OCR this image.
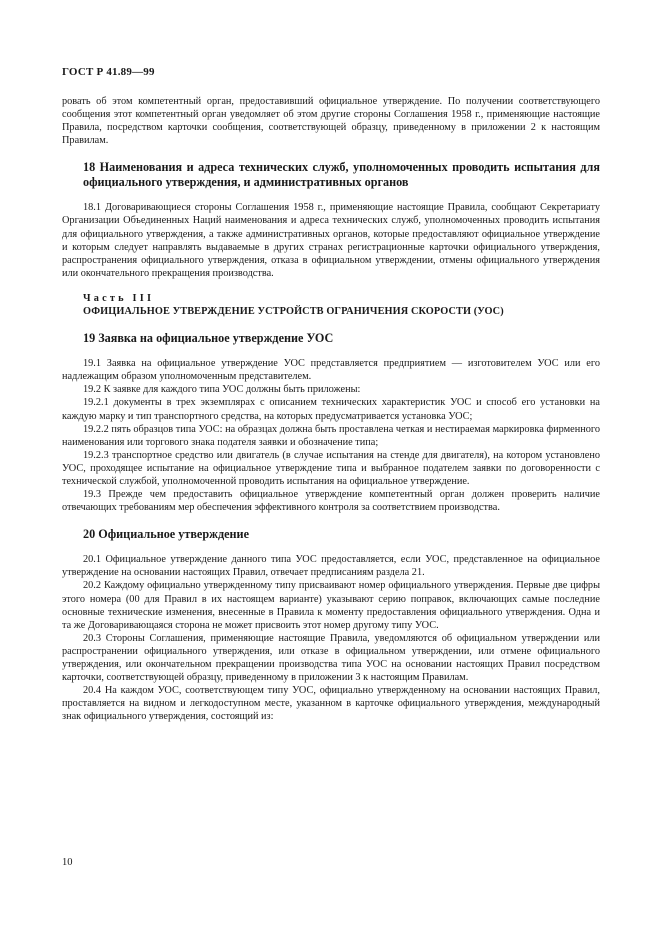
ГОСТ Р 41.89—99

ровать об этом компетентный орган, предоставивший официальное утверждение. По получении соответствующего сообщения этот компетентный орган уведомляет об этом другие стороны Соглашения 1958 г., применяющие настоящие Правила, посредством карточки сообщения, соответствующей образцу, приведенному в приложении 2 к настоящим Правилам.

18 Наименования и адреса технических служб, уполномоченных проводить испытания для официального утверждения, и административных органов

18.1 Договаривающиеся стороны Соглашения 1958 г., применяющие настоящие Правила, сообщают Секретариату Организации Объединенных Наций наименования и адреса технических служб, уполномоченных проводить испытания для официального утверждения, а также административных органов, которые предоставляют официальное утверждение и которым следует направлять выдаваемые в других странах регистрационные карточки официального утверждения, распространения официального утверждения, отказа в официальном утверждении, отмены официального утверждения или окончательного прекращения производства.

Часть III
ОФИЦИАЛЬНОЕ УТВЕРЖДЕНИЕ УСТРОЙСТВ ОГРАНИЧЕНИЯ СКОРОСТИ (УОС)
19 Заявка на официальное утверждение УОС

19.1 Заявка на официальное утверждение УОС представляется предприятием — изготовителем УОС или его надлежащим образом уполномоченным представителем.

19.2 К заявке для каждого типа УОС должны быть приложены:

19.2.1 документы в трех экземплярах с описанием технических характеристик УОС и способ его установки на каждую марку и тип транспортного средства, на которых предусматривается установка УОС;

19.2.2 пять образцов типа УОС: на образцах должна быть проставлена четкая и нестираемая маркировка фирменного наименования или торгового знака подателя заявки и обозначение типа;

19.2.3 транспортное средство или двигатель (в случае испытания на стенде для двигателя), на котором установлено УОС, проходящее испытание на официальное утверждение типа и выбранное подателем заявки по договоренности с технической службой, уполномоченной проводить испытания на официальное утверждение.

19.3 Прежде чем предоставить официальное утверждение компетентный орган должен проверить наличие отвечающих требованиям мер обеспечения эффективного контроля за соответствием производства.

20 Официальное утверждение

20.1 Официальное утверждение данного типа УОС предоставляется, если УОС, представленное на официальное утверждение на основании настоящих Правил, отвечает предписаниям раздела 21.

20.2 Каждому официально утвержденному типу присваивают номер официального утверждения. Первые две цифры этого номера (00 для Правил в их настоящем варианте) указывают серию поправок, включающих самые последние основные технические изменения, внесенные в Правила к моменту предоставления официального утверждения. Одна и та же Договаривающаяся сторона не может присвоить этот номер другому типу УОС.

20.3 Стороны Соглашения, применяющие настоящие Правила, уведомляются об официальном утверждении или распространении официального утверждения, или отказе в официальном утверждении, или отмене официального утверждения, или окончательном прекращении производства типа УОС на основании настоящих Правил посредством карточки, соответствующей образцу, приведенному в приложении 3 к настоящим Правилам.

20.4 На каждом УОС, соответствующем типу УОС, официально утвержденному на основании настоящих Правил, проставляется на видном и легкодоступном месте, указанном в карточке официального утверждения, международный знак официального утверждения, состоящий из:

10
